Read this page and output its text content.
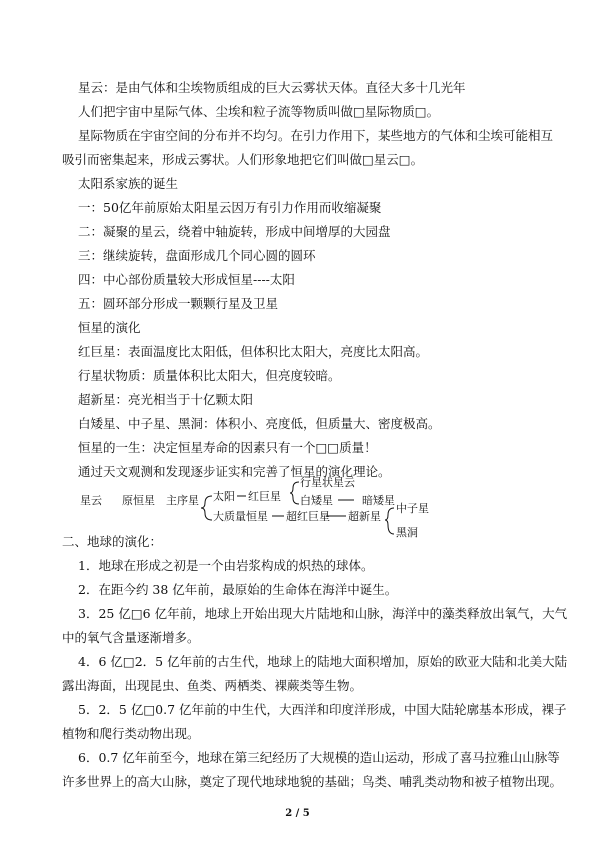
星云：是由气体和尘埃物质组成的巨大云雾状天体。直径大多十几光年
人们把宇宙中星际气体、尘埃和粒子流等物质叫做□星际物质□。
星际物质在宇宙空间的分布并不均匀。在引力作用下，某些地方的气体和尘埃可能相互
吸引而密集起来，形成云雾状。人们形象地把它们叫做□星云□。
太阳系家族的诞生
一：50亿年前原始太阳星云因万有引力作用而收缩凝聚
二：凝聚的星云，绕着中轴旋转，形成中间增厚的大园盘
三：继续旋转，盘面形成几个同心圆的圆环
四：中心部份质量较大形成恒星----太阳
五：圆环部分形成一颗颗行星及卫星
恒星的演化
红巨星：表面温度比太阳低，但体积比太阳大，亮度比太阳高。
行星状物质：质量体积比太阳大，但亮度较暗。
超新星：亮光相当于十亿颗太阳
白矮星、中子星、黑洞：体积小、亮度低，但质量大、密度极高。
恒星的一生：决定恒星寿命的因素只有一个□□质量！
通过天文观测和发现逐步证实和完善了恒星的演化理论。
星云 原恒星 主序星 太阳 红巨星
行星状星云
白矮星	暗矮星
大质量恒星 超红巨星 超新星
中子星
黑洞
二、地球的演化：
1．地球在形成之初是一个由岩浆构成的炽热的球体。
2．在距今约 38 亿年前，最原始的生命体在海洋中诞生。
3．25 亿□6 亿年前，地球上开始出现大片陆地和山脉，海洋中的藻类释放出氧气，大气
中的氧气含量逐渐增多。
4．6 亿□2．5 亿年前的古生代，地球上的陆地大面积增加，原始的欧亚大陆和北美大陆
露出海面，出现昆虫、鱼类、两栖类、裸蕨类等生物。
5．2．5 亿□0.7 亿年前的中生代，大西洋和印度洋形成，中国大陆轮廓基本形成，裸子
植物和爬行类动物出现。
6．0.7 亿年前至今，地球在第三纪经历了大规模的造山运动，形成了喜马拉雅山山脉等
许多世界上的高大山脉，奠定了现代地球地貌的基础；鸟类、哺乳类动物和被子植物出现。
2 / 5
